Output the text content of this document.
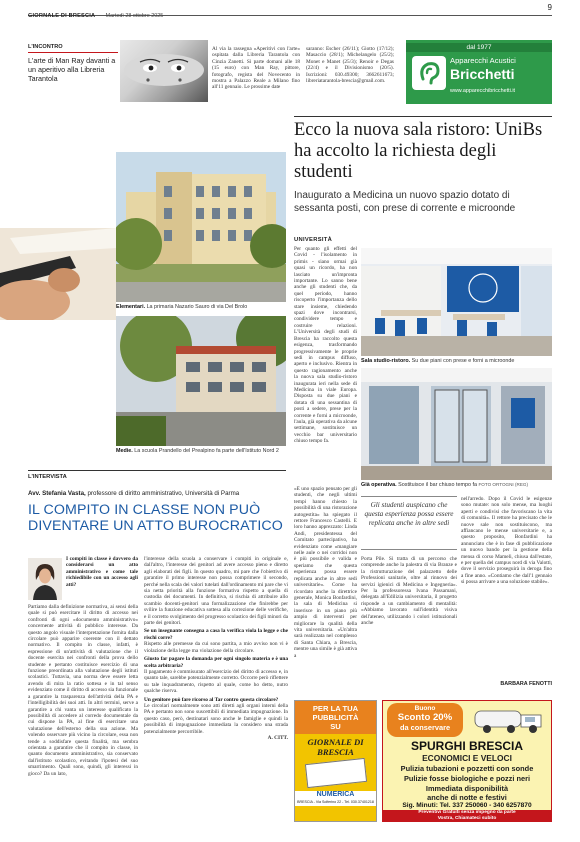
GIORNALE DI BRESCIA Martedì 28 ottobre 2025
9
L'INCONTRO
L'arte di Man Ray davanti a un aperitivo alla Libreria Tarantola
Al via la rassegna «Aperitivi con l'arte» ospitata dalla Libreria Tarantola con Cinzia Zanetti. Si parte domani alle 18 (15 euro) con Man Ray, pittore, fotografo, regista del Novecento in mostra a Palazzo Reale a Milano fino all'11 gennaio. Le prossime date
saranno: Escher (26/11); Giotto (17/12); Masaccio (28/1); Michelangelo (25/2); Monet e Manet (25/3); Renoir e Degas (22/4) e il Divisionismo (20/5). Iscrizioni: 030.49300; 3662611673; libreriatarantola-brescia@gmail.com.
dal 1977
Apparecchi Acustici
Bricchetti
www.apparecchibricchetti.it
Elementari. La primaria Nazario Sauro di via Del Brolo
Medie. La scuola Prandello del Prealpino fa parte dell'Istituto Nord 2
Ecco la nuova sala ristoro: UniBs ha accolto la richiesta degli studenti
Inaugurato a Medicina un nuovo spazio dotato di sessanta posti, con prese di corrente e microonde
UNIVERSITÀ
Per quanto gli effetti del Covid - l'isolamento in primis - siano ormai già quasi un ricordo, ha non lasciato un'impronta importante. Lo sanno bene anche gli studenti che, da quel periodo, hanno riscoperto l'importanza dello stare insieme, chiedendo spazi dove incontrarsi, condividere tempo e costruire relazioni. L'Università degli studi di Brescia ha raccolto questa esigenza, trasformando progressivamente le proprie sedi in campus diffuso, aperto e inclusivo. Rientra in questo ragionamento anche la nuova sala studio-ristoro inaugurata ieri nella sede di Medicina in viale Europa. Disposta su due piani e dotata di una sessantina di posti a sedere, prese per la corrente e forni a microonde, l'aula, già operativa da alcune settimane, sostituisce un vecchio bar universitario chiuso tempo fa.
«È uno spazio pensato per gli studenti, che negli ultimi tempi hanno chiesto la possibilità di una ristorazione autogestita» ha spiegato il rettore Francesco Castelli. E loro hanno apprezzato: Linda Andi, presidentessa del Comitato partecipativo, ha evidenziato come «mangiare nelle aule o nei corridoi non è più possibile e valida e speriamo che questa esperienza possa essere replicata anche in altre sedi universitarie». Come ha ricordato anche la direttrice generale, Monica Bonfardini, la sala di Medicina si inserisce in un piano più ampio di interventi per migliorare la qualità della vita universitaria. «Un'altra sarà realizzata nel complesso di Santa Chiara, a Brescia, mentre una simile è già attiva a
Sala studio-ristoro. Su due piani con prese e forni a microonde
Già operativa. Sostituisce il bar chiuso tempo fa FOTO ORTOGNI (REG)
Gli studenti auspicano che questa esperienza possa essere replicata anche in altre sedi
Porta Pile. Si tratta di un percorso che comprende anche la palestra di via Branze e la ristrutturazione del palazzetto delle Professioni sanitarie, oltre al rinnovo dei servizi igienici di Medicina e Ingegneria». Per la professoressa Ivana Passamani, delegata all'Edilizia universitaria, il progetto risponde a un cambiamento di mentalità: «Abbiamo lavorato sull'identità visiva dell'ateneo, utilizzando i colori istituzionali anche
nell'arredo. Dopo il Covid le esigenze sono mutate: non solo mense, ma luoghi aperti e condivisi che favoriscano la vita di comunità». Il rettore ha precisato che le nuove sale non sostituiscono, ma affiancano le mense universitarie e, a questo proposito, Bonfardini ha annunciato che è in fase di pubblicazione un nuovo bando per la gestione della mensa di corso Mameli, chiusa dall'estate, e per quella del campus nord di via Valotti, dove il servizio proseguirà in deroga fino a fine anno. «Contiamo che dall'1 gennaio si possa arrivare a una soluzione stabile».
BARBARA FENOTTI
L'INTERVISTA
Avv. Stefania Vasta, professore di diritto amministrativo, Università di Parma
IL COMPITO IN CLASSE NON PUÒ DIVENTARE UN ATTO BUROCRATICO
I compiti in classe è davvero da considerarsi un atto amministrativo e come tale richiedibile con un accesso agli atti?
Partiamo dalla definizione normativa, ai sensi della quale si può esercitare il diritto di accesso nei confronti di ogni «documento amministrativo» concernente attività di pubblico interesse. Da questo angolo visuale l'interpretazione fornita dalla circolare può apparire coerente con il dettato normativo. Il compito in classe, infatti, è espressione di un'attività di valutazione che il docente esercita nei confronti della prova dello studente e pertanto costituisce esercizio di una funzione preordinata alla valutazione degli istituti scolastici. Tuttavia, una norma deve essere letta avendo di mira la ratio sottesa e in tal senso evidenziato come il diritto di accesso sia funzionale a garantire la trasparenza dell'attività della PA e l'intelligibilità dei suoi atti. In altri termini, serve a garantire a chi vanta un interesse qualificato la possibilità di accedere al corredo documentale da cui dispone la PA, al fine di esercitare una valutazione dell'esterno della sua azione. Ma volendo osservare più vicino la circolare, essa non tende a soddisfare questa finalità, ma sembra orientata a garantire che il compito in classe, in quanto documento amministrativo, sia conservato dall'istituto scolastico, evitando l'ipotesi del suo smarrimento. Quali sono, quindi, gli interessi in gioco? Da un lato,
l'interesse della scuola a conservare i compiti in originale e, dall'altro, l'interesse dei genitori ad avere accesso pieno e diretto agli elaborati dei figli. In questo quadro, mi pare che l'obiettivo di garantire il primo interesse non possa comprimere il secondo, perché nella scala dei valori tutelati dall'ordinamento mi pare che vi sia netta priorità alla funzione formativa rispetto a quella di custodia dei documenti. In definitiva, si rischia di attribuire allo scambio docenti-genitori una formalizzazione che finirebbe per svilire la funzione educativa sottesa alla correzione delle verifiche, e il corretto svolgimento del progresso scolastico dei figli minori da parte dei genitori.
Se un insegnante consegna a casa la verifica viola la legge e che rischi corre?
Rispetto alle premesse da cui sono partita, a mio avviso non vi è violazione della legge ma violazione della circolare.
Giusto far pagare la domanda per ogni singolo materia e è una scelta arbitraria?
Il pagamento è commisurato all'esercizio del diritto di accesso e, in quanto tale, sarebbe potenzialmente corretto. Occorre però riflettere su tale inquadramento, rispetto al quale, come ho detto, nutro qualche riserva.
Un genitore può fare ricorso al Tar contro questa circolare?
Le circolari normalmente sono atti diretti agli organi interni della PA e pertanto non sono suscettibili di immediata impugnazione. In questo caso, però, destinatari sono anche le famiglie e quindi la possibilità di impugnazione immediata la considero una strada potenzialmente percorribile.
A. CITT.
PER LA TUA
PUBBLICITÀ
SU
GIORNALE DI BRESCIA
NUMERICA
BRESCIA - Via Solferino 22 - Tel. 030.37401218
Buono
Sconto 20%
da conservare
SPURGHI BRESCIA
ECONOMICI E VELOCI
Pulizia tubazioni e pozzetti con sonde
Pulizie fosse biologiche e pozzi neri
Immediata disponibilità
anche di notte e festivi
Sig. Minuti: Tel. 337 250060 - 340 6257870
Preventivi Gratuiti senza impegno da parte
Vostra, Chiamateci subito
